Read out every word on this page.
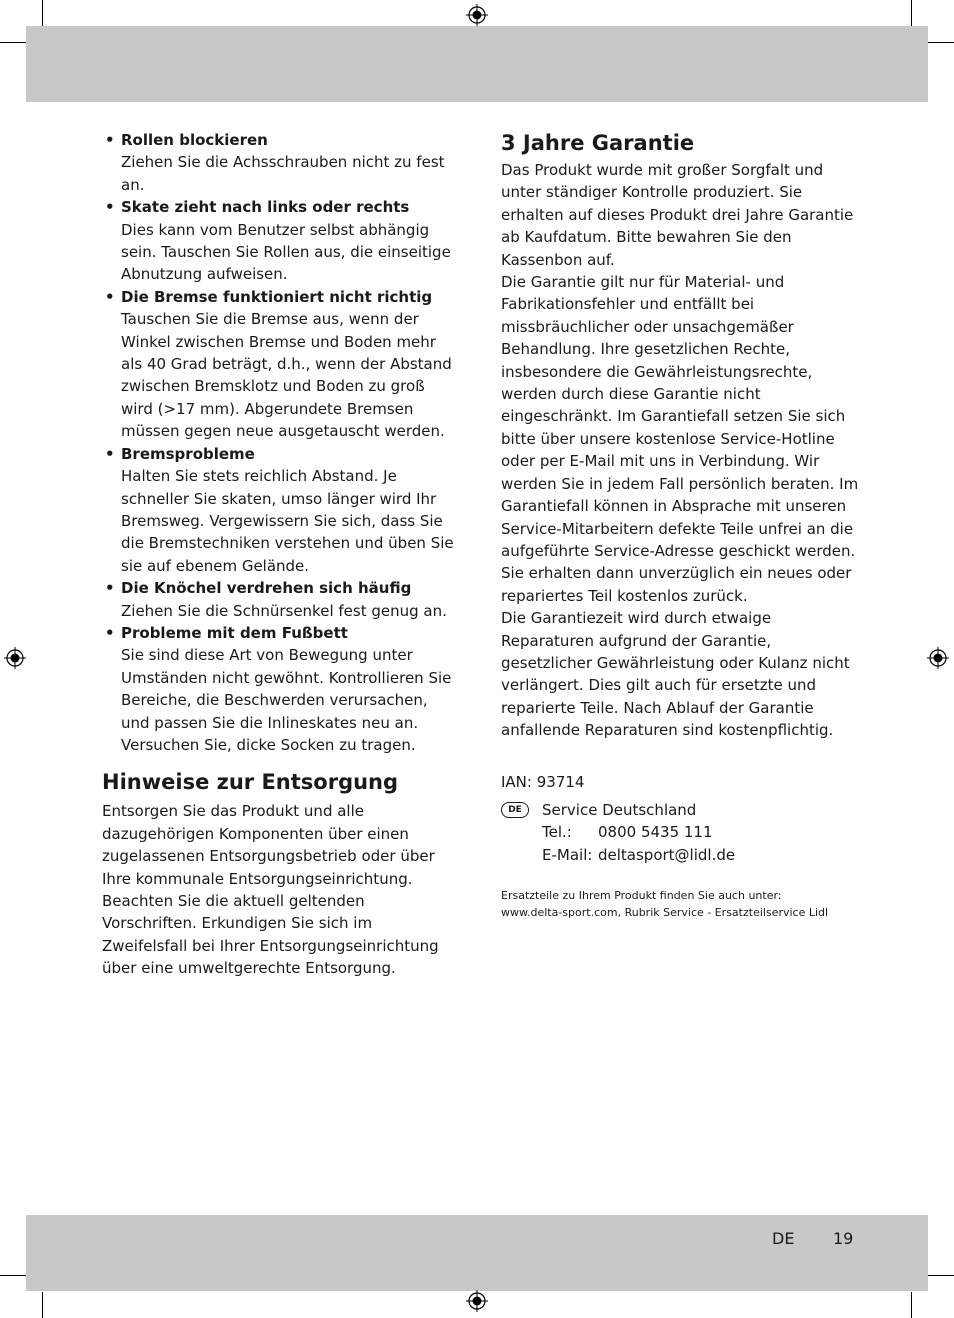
• Rollen blockieren
Ziehen Sie die Achsschrauben nicht zu fest an.
• Skate zieht nach links oder rechts
Dies kann vom Benutzer selbst abhängig sein. Tauschen Sie Rollen aus, die einseitige Abnutzung aufweisen.
• Die Bremse funktioniert nicht richtig
Tauschen Sie die Bremse aus, wenn der Winkel zwischen Bremse und Boden mehr als 40 Grad beträgt, d.h., wenn der Abstand zwischen Bremsklotz und Boden zu groß wird (>17 mm). Abgerundete Bremsen müssen gegen neue ausgetauscht werden.
• Bremsprobleme
Halten Sie stets reichlich Abstand. Je schneller Sie skaten, umso länger wird Ihr Bremsweg. Vergewissern Sie sich, dass Sie die Bremstechniken verstehen und üben Sie sie auf ebenem Gelände.
• Die Knöchel verdrehen sich häufig
Ziehen Sie die Schnürsenkel fest genug an.
• Probleme mit dem Fußbett
Sie sind diese Art von Bewegung unter Umständen nicht gewöhnt. Kontrollieren Sie Bereiche, die Beschwerden verursachen, und passen Sie die Inlineskates neu an. Versuchen Sie, dicke Socken zu tragen.
Hinweise zur Entsorgung

Entsorgen Sie das Produkt und alle dazugehörigen Komponenten über einen zugelassenen Entsorgungsbetrieb oder über Ihre kommunale Entsorgungseinrichtung. Beachten Sie die aktuell geltenden Vorschriften. Erkundigen Sie sich im Zweifelsfall bei Ihrer Entsorgungseinrichtung über eine umweltgerechte Entsorgung.

3 Jahre Garantie

Das Produkt wurde mit großer Sorgfalt und unter ständiger Kontrolle produziert. Sie erhalten auf dieses Produkt drei Jahre Garantie ab Kaufdatum. Bitte bewahren Sie den Kassenbon auf.

Die Garantie gilt nur für Material- und Fabrikationsfehler und entfällt bei missbräuchlicher oder unsachgemäßer Behandlung. Ihre gesetzlichen Rechte, insbesondere die Gewährleistungsrechte, werden durch diese Garantie nicht eingeschränkt. Im Garantiefall setzen Sie sich bitte über unsere kostenlose Service-Hotline oder per E-Mail mit uns in Verbindung. Wir werden Sie in jedem Fall persönlich beraten. Im Garantiefall können in Absprache mit unseren Service-Mitarbeitern defekte Teile unfrei an die aufgeführte Service-Adresse geschickt werden. Sie erhalten dann unverzüglich ein neues oder repariertes Teil kostenlos zurück.

Die Garantiezeit wird durch etwaige Reparaturen aufgrund der Garantie, gesetzlicher Gewährleistung oder Kulanz nicht verlängert. Dies gilt auch für ersetzte und reparierte Teile. Nach Ablauf der Garantie anfallende Reparaturen sind kostenpflichtig.

IAN: 93714

DE	Service Deutschland
Tel.:	0800 5435 111
E-Mail: deltasport@lidl.de
Ersatzteile zu Ihrem Produkt finden Sie auch unter:
www.delta-sport.com, Rubrik Service - Ersatzteilservice Lidl
DE 19
